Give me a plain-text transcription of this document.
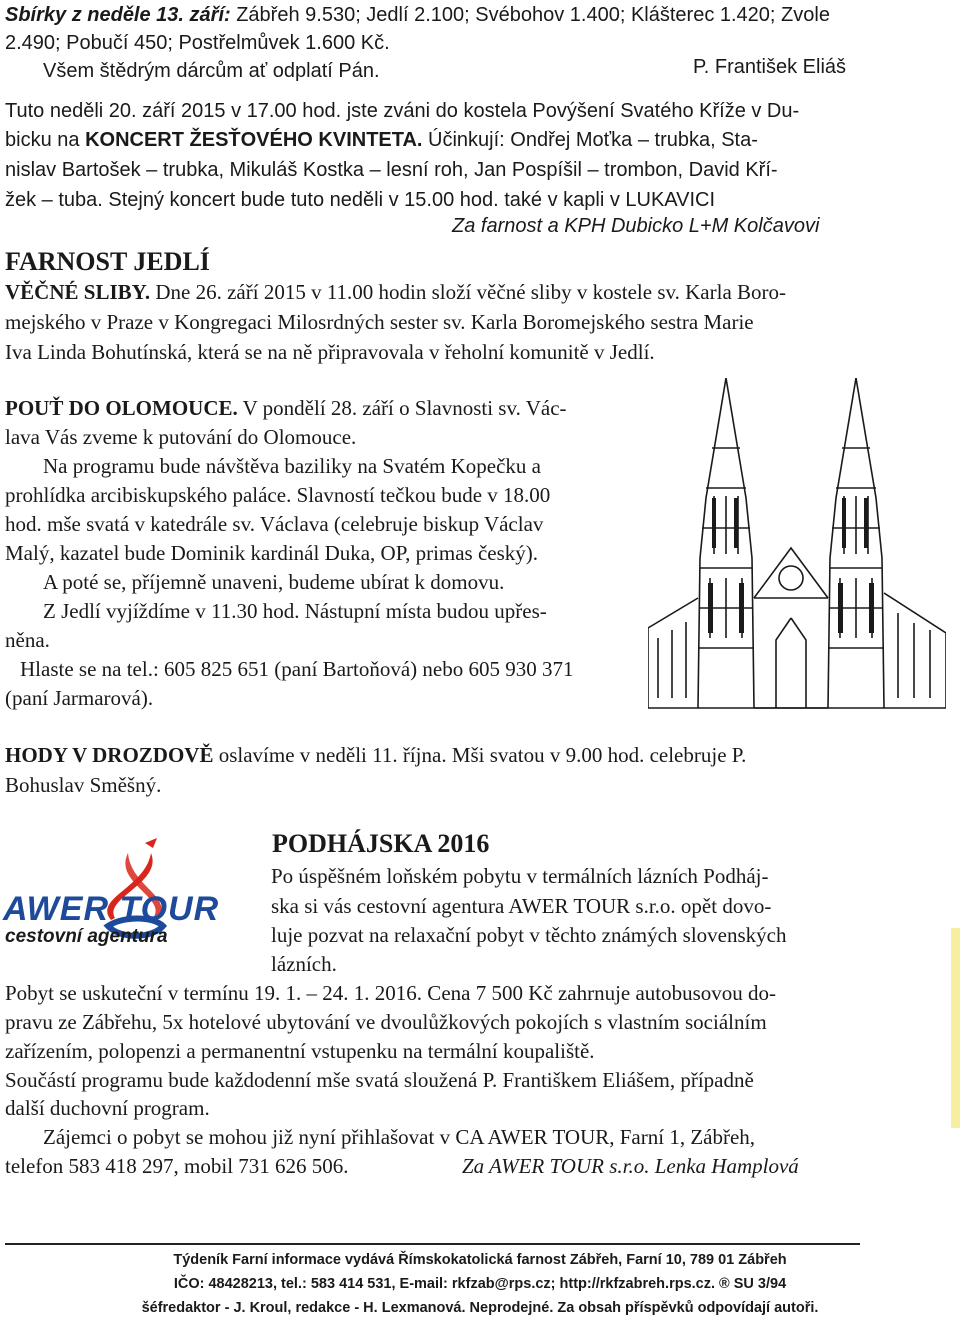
Sbírky z neděle 13. září: Zábřeh 9.530; Jedlí 2.100; Svébohov 1.400; Klášterec 1.420; Zvole
2.490; Pobučí 450; Postřelmůvek 1.600 Kč.
Všem štědrým dárcům ať odplatí Pán.	P. František Eliáš
Tuto neděli 20. září 2015 v 17.00 hod. jste zváni do kostela Povýšení Svatého Kříže v Du-
bicku na KONCERT ŽESŤOVÉHO KVINTETA. Účinkují: Ondřej Moťka – trubka, Sta-
nislav Bartošek – trubka, Mikuláš Kostka – lesní roh, Jan Pospíšil – trombon, David Kří-
žek – tuba. Stejný koncert bude tuto neděli v 15.00 hod. také v kapli v LUKAVICI
Za farnost a KPH Dubicko L+M Kolčavovi
FARNOST JEDLÍ
VĚČNÉ SLIBY. Dne 26. září 2015 v 11.00 hodin složí věčné sliby v kostele sv. Karla Boro-
mejského v Praze v Kongregaci Milosrdných sester sv. Karla Boromejského sestra Marie
Iva Linda Bohutínská, která se na ně připravovala v řeholní komunitě v Jedlí.
POUŤ DO OLOMOUCE. V pondělí 28. září o Slavnosti sv. Vác-
lava Vás zveme k putování do Olomouce.
Na programu bude návštěva baziliky na Svatém Kopečku a
prohlídka arcibiskupského paláce. Slavností tečkou bude v 18.00
hod. mše svatá v katedrále sv. Václava (celebruje biskup Václav
Malý, kazatel bude Dominik kardinál Duka, OP, primas český).
A poté se, příjemně unaveni, budeme ubírat k domovu.
Z Jedlí vyjíždíme v 11.30 hod. Nástupní místa budou upřes-
něna.
Hlaste se na tel.: 605 825 651 (paní Bartoňová) nebo 605 930 371
(paní Jarmarová).
HODY V DROZDOVĚ oslavíme v neděli 11. října. Mši svatou v 9.00 hod. celebruje P.
Bohuslav Směšný.
PODHÁJSKA 2016
AWER TOUR
cestovní agentura
Po úspěšném loňském pobytu v termálních lázních Podháj-
ska si vás cestovní agentura AWER TOUR s.r.o. opět dovo-
luje pozvat na relaxační pobyt v těchto známých slovenských
lázních.
Pobyt se uskuteční v termínu 19. 1. – 24. 1. 2016. Cena 7 500 Kč zahrnuje autobusovou do-
pravu ze Zábřehu, 5x hotelové ubytování ve dvoulůžkových pokojích s vlastním sociálním
zařízením, polopenzi a permanentní vstupenku na termální koupaliště.
Součástí programu bude každodenní mše svatá sloužená P. Františkem Eliášem, případně
další duchovní program.
Zájemci o pobyt se mohou již nyní přihlašovat v CA AWER TOUR, Farní 1, Zábřeh,
telefon 583 418 297, mobil 731 626 506.	Za AWER TOUR s.r.o. Lenka Hamplová
Týdeník Farní informace vydává Římskokatolická farnost Zábřeh, Farní 10, 789 01 Zábřeh
IČO: 48428213, tel.: 583 414 531, E-mail: rkfzab@rps.cz; http://rkfzabreh.rps.cz. ® SU 3/94
šéfredaktor - J. Kroul, redakce - H. Lexmanová. Neprodejné. Za obsah příspěvků odpovídají autoři.
